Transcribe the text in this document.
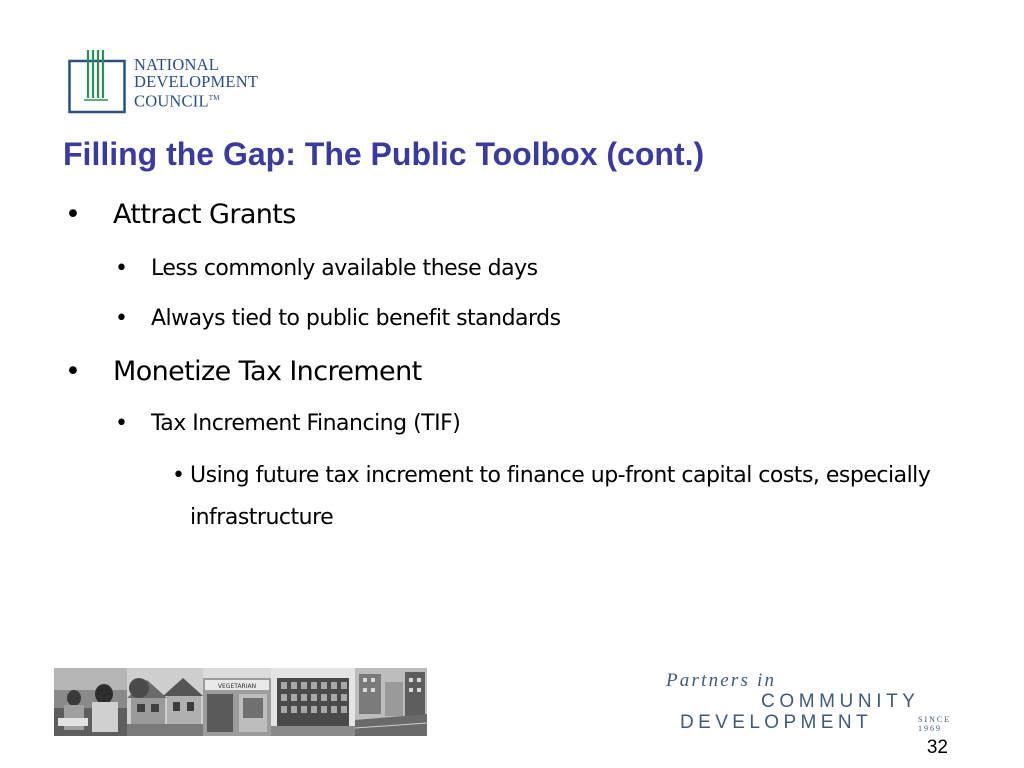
NATIONAL
DEVELOPMENT
COUNCIL™
Filling the Gap: The Public Toolbox (cont.)
• Attract Grants
• Less commonly available these days
• Always tied to public benefit standards
• Monetize Tax Increment
• Tax Increment Financing (TIF)
• Using future tax increment to finance up-front capital costs, especially infrastructure
VEGETARIAN	Partners in
COMMUNITY
DEVELOPMENT	SINCE
1969
32
